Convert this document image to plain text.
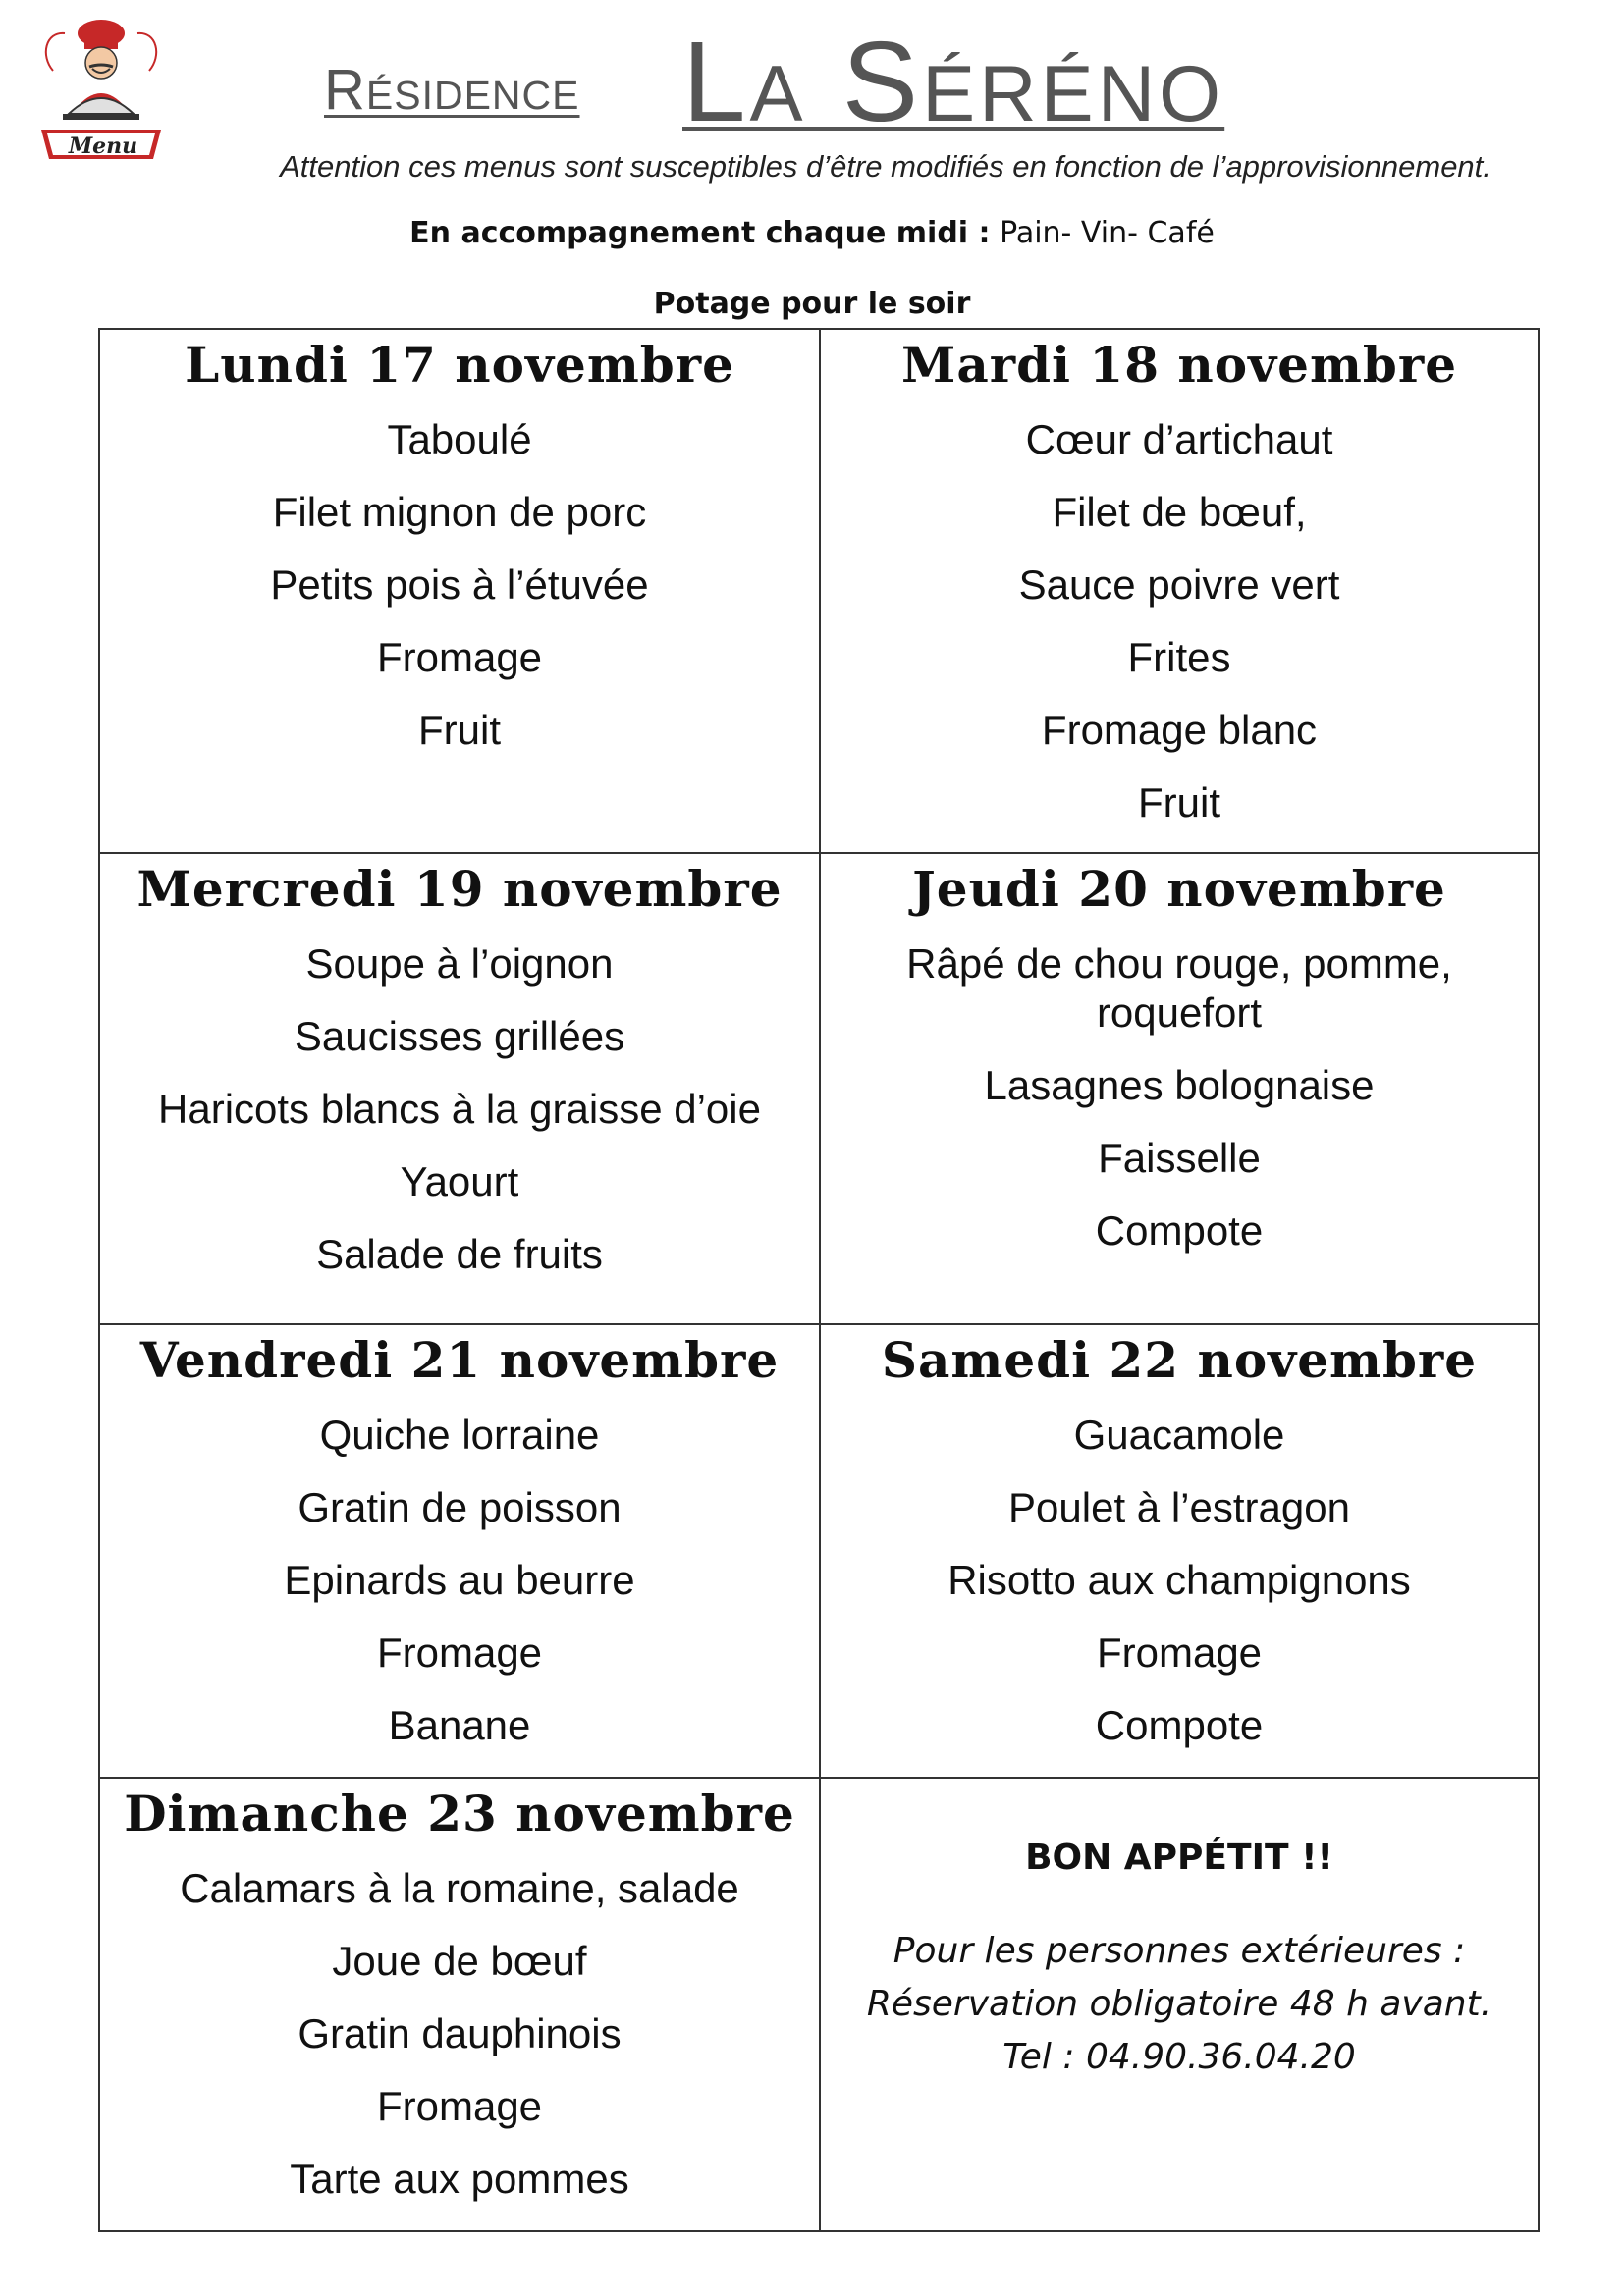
Menu
Résidence La Séréno
Attention ces menus sont susceptibles d’être modifiés en fonction de l’approvisionnement.
En accompagnement chaque midi : Pain- Vin- Café
Potage pour le soir
Lundi 17 novembre
Taboulé
Filet mignon de porc
Petits pois à l’étuvée
Fromage
Fruit
Mardi 18 novembre
Cœur d’artichaut
Filet de bœuf,
Sauce poivre vert
Frites
Fromage blanc
Fruit
Mercredi 19 novembre
Soupe à l’oignon
Saucisses grillées
Haricots blancs à la graisse d’oie
Yaourt
Salade de fruits
Jeudi 20 novembre
Râpé de chou rouge, pomme, roquefort
Lasagnes bolognaise
Faisselle
Compote
Vendredi 21 novembre
Quiche lorraine
Gratin de poisson
Epinards au beurre
Fromage
Banane
Samedi 22 novembre
Guacamole
Poulet à l’estragon
Risotto aux champignons
Fromage
Compote
Dimanche 23 novembre
Calamars à la romaine, salade
Joue de bœuf
Gratin dauphinois
Fromage
Tarte aux pommes
BON APPÉTIT !!
Pour les personnes extérieures :
Réservation obligatoire 48 h avant.
Tel : 04.90.36.04.20
